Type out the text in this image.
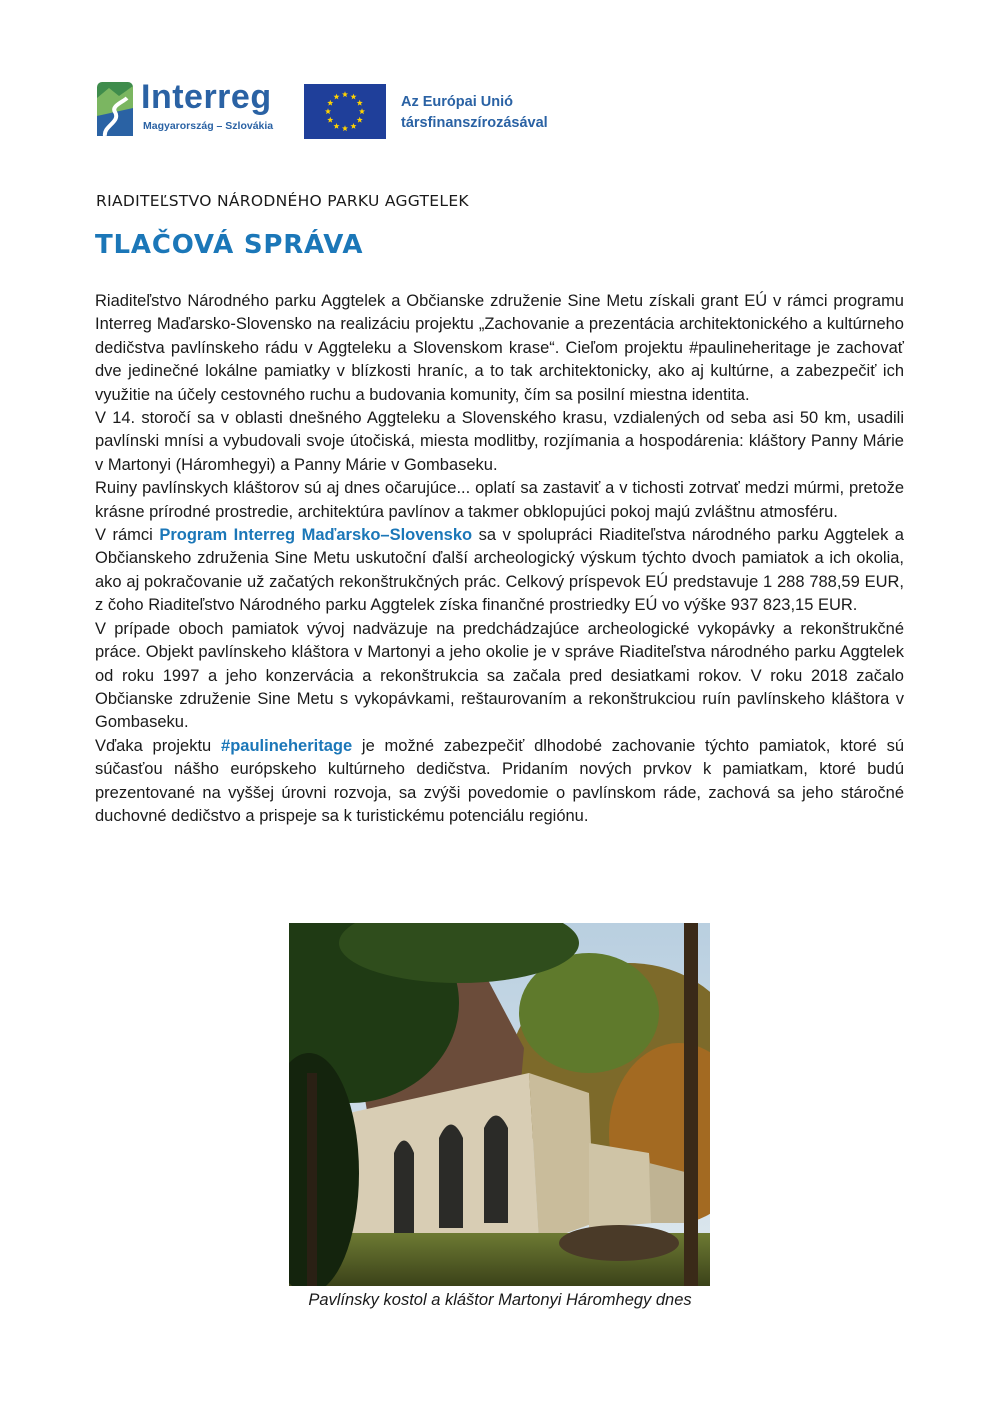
Interreg
Magyarország – Szlovákia
Az Európai Unió
társfinanszírozásával
RIADITEĽSTVO NÁRODNÉHO PARKU AGGTELEK
TLAČOVÁ SPRÁVA

Riaditeľstvo Národného parku Aggtelek a Občianske združenie Sine Metu získali grant EÚ v rámci programu Interreg Maďarsko-Slovensko na realizáciu projektu „Zachovanie a prezentácia architektonického a kultúrneho dedičstva pavlínskeho rádu v Aggteleku a Slovenskom krase“. Cieľom projektu #paulineheritage je zachovať dve jedinečné lokálne pamiatky v blízkosti hraníc, a to tak architektonicky, ako aj kultúrne, a zabezpečiť ich využitie na účely cestovného ruchu a budovania komunity, čím sa posilní miestna identita.

V 14. storočí sa v oblasti dnešného Aggteleku a Slovenského krasu, vzdialených od seba asi 50 km, usadili pavlínski mnísi a vybudovali svoje útočiská, miesta modlitby, rozjímania a hospodárenia: kláštory Panny Márie v Martonyi (Háromhegyi) a Panny Márie v Gombaseku.

Ruiny pavlínskych kláštorov sú aj dnes očarujúce... oplatí sa zastaviť a v tichosti zotrvať medzi múrmi, pretože krásne prírodné prostredie, architektúra pavlínov a takmer obklopujúci pokoj majú zvláštnu atmosféru.

V rámci Program Interreg Maďarsko–Slovensko sa v spolupráci Riaditeľstva národného parku Aggtelek a Občianskeho združenia Sine Metu uskutoční ďalší archeologický výskum týchto dvoch pamiatok a ich okolia, ako aj pokračovanie už začatých rekonštrukčných prác. Celkový príspevok EÚ predstavuje 1 288 788,59 EUR, z čoho Riaditeľstvo Národného parku Aggtelek získa finančné prostriedky EÚ vo výške 937 823,15 EUR.

V prípade oboch pamiatok vývoj nadväzuje na predchádzajúce archeologické vykopávky a rekonštrukčné práce. Objekt pavlínskeho kláštora v Martonyi a jeho okolie je v správe Riaditeľstva národného parku Aggtelek od roku 1997 a jeho konzervácia a rekonštrukcia sa začala pred desiatkami rokov. V roku 2018 začalo Občianske združenie Sine Metu s vykopávkami, reštaurovaním a rekonštrukciou ruín pavlínskeho kláštora v Gombaseku.

Vďaka projektu #paulineheritage je možné zabezpečiť dlhodobé zachovanie týchto pamiatok, ktoré sú súčasťou nášho európskeho kultúrneho dedičstva. Pridaním nových prvkov k pamiatkam, ktoré budú prezentované na vyššej úrovni rozvoja, sa zvýši povedomie o pavlínskom ráde, zachová sa jeho stáročné duchovné dedičstvo a prispeje sa k turistickému potenciálu regiónu.

Pavlínsky kostol a kláštor Martonyi Háromhegy dnes
